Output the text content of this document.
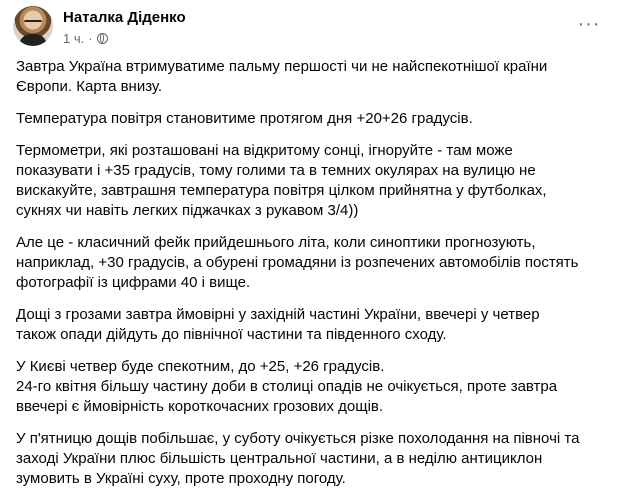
Наталка Діденко
1 ч. ·
···
Завтра Україна втримуватиме пальму першості чи не найспекотнішої країни
Європи. Карта внизу.
Температура повітря становитиме протягом дня +20+26 градусів.
Термометри, які розташовані на відкритому сонці, ігноруйте - там може
показувати і +35 градусів, тому голими та в темних окулярах на вулицю не
вискакуйте, завтрашня температура повітря цілком прийнятна у футболках,
сукнях чи навіть легких піджачках з рукавом 3/4))
Але це - класичний фейк прийдешнього літа, коли синоптики прогнозують,
наприклад, +30 градусів, а обурені громадяни із розпечених автомобілів постять
фотографії із цифрами 40 і вище.
Дощі з грозами завтра ймовірні у західній частині України, ввечері у четвер
також опади дійдуть до північної частини та південного сходу.
У Києві четвер буде спекотним, до +25, +26 градусів.
24-го квітня більшу частину доби в столиці опадів не очікується, проте завтра
ввечері є ймовірність короткочасних грозових дощів.
У п'ятницю дощів побільшає, у суботу очікується різке похолодання на півночі та
заході України плюс більшість центральної частини, а в неділю антициклон
зумовить в Україні суху, проте проходну погоду.
